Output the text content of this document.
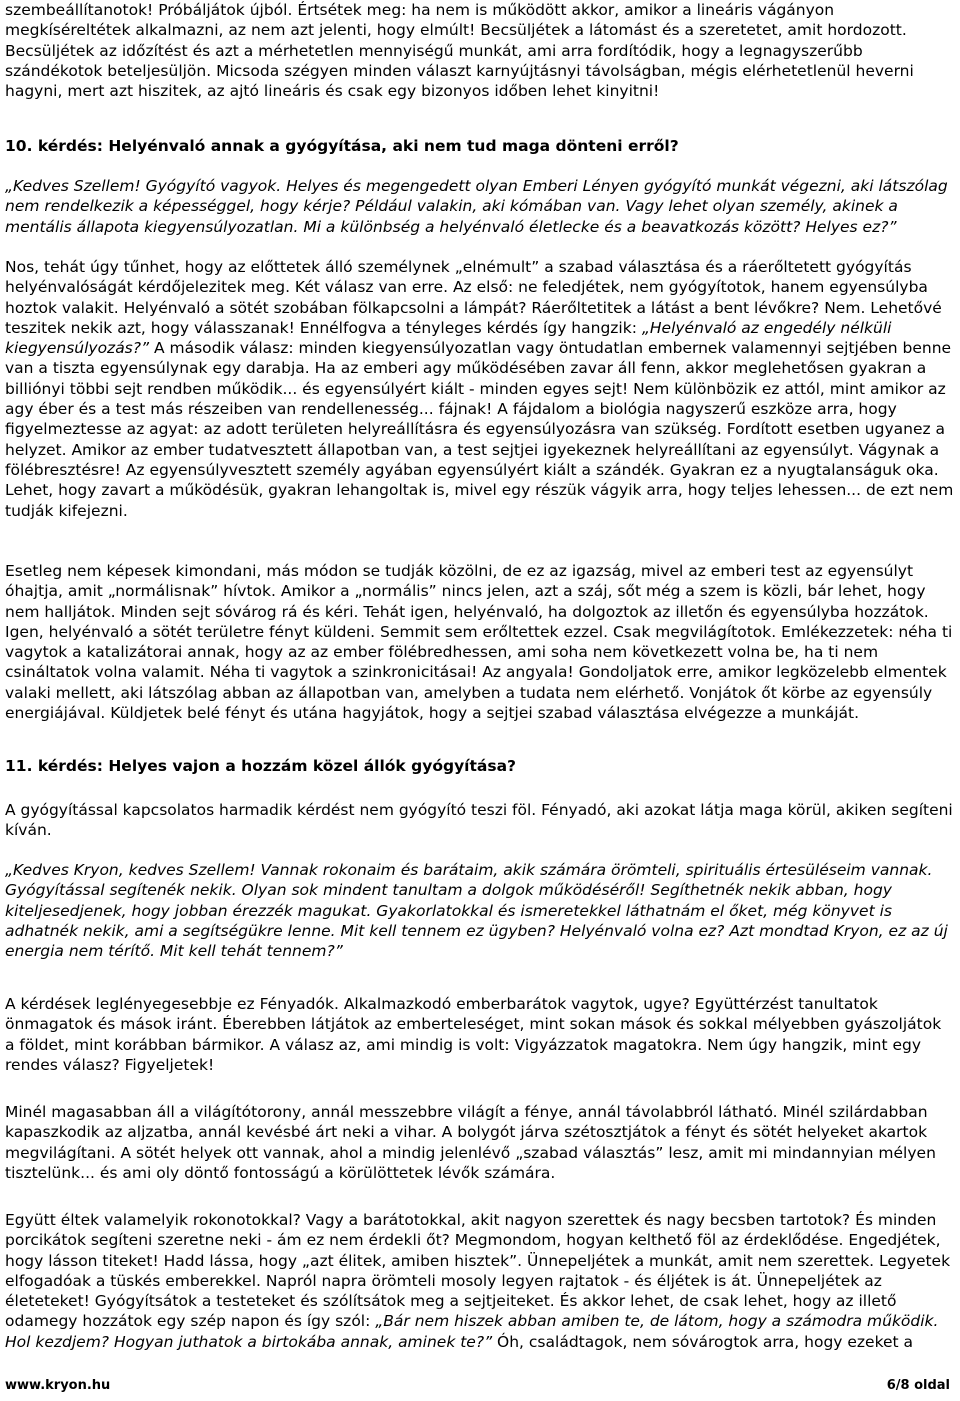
szembeállítanotok! Próbáljátok újból. Értsétek meg: ha nem is működött akkor, amikor a lineáris vágányon
megkíséreltétek alkalmazni, az nem azt jelenti, hogy elmúlt! Becsüljétek a látomást és a szeretetet, amit hordozott.
Becsüljétek az időzítést és azt a mérhetetlen mennyiségű munkát, ami arra fordítódik, hogy a legnagyszerűbb
szándékotok beteljesüljön. Micsoda szégyen minden választ karnyújtásnyi távolságban, mégis elérhetetlenül heverni
hagyni, mert azt hiszitek, az ajtó lineáris és csak egy bizonyos időben lehet kinyitni!

10. kérdés: Helyénvaló annak a gyógyítása, aki nem tud maga dönteni erről?

„Kedves Szellem! Gyógyító vagyok. Helyes és megengedett olyan Emberi Lényen gyógyító munkát végezni, aki látszólag
nem rendelkezik a képességgel, hogy kérje? Például valakin, aki kómában van. Vagy lehet olyan személy, akinek a
mentális állapota kiegyensúlyozatlan. Mi a különbség a helyénvaló életlecke és a beavatkozás között? Helyes ez?”

Nos, tehát úgy tűnhet, hogy az előttetek álló személynek „elnémult” a szabad választása és a ráerőltetett gyógyítás
helyénvalóságát kérdőjelezitek meg. Két válasz van erre. Az első: ne feledjétek, nem gyógyítotok, hanem egyensúlyba
hoztok valakit. Helyénvaló a sötét szobában fölkapcsolni a lámpát? Ráerőltetitek a látást a bent lévőkre? Nem. Lehetővé
teszitek nekik azt, hogy válasszanak! Ennélfogva a tényleges kérdés így hangzik: „Helyénvaló az engedély nélküli
kiegyensúlyozás?” A második válasz: minden kiegyensúlyozatlan vagy öntudatlan embernek valamennyi sejtjében benne
van a tiszta egyensúlynak egy darabja. Ha az emberi agy működésében zavar áll fenn, akkor meglehetősen gyakran a
billiónyi többi sejt rendben működik... és egyensúlyért kiált - minden egyes sejt! Nem különbözik ez attól, mint amikor az
agy éber és a test más részeiben van rendellenesség... fájnak! A fájdalom a biológia nagyszerű eszköze arra, hogy
figyelmeztesse az agyat: az adott területen helyreállításra és egyensúlyozásra van szükség. Fordított esetben ugyanez a
helyzet. Amikor az ember tudatvesztett állapotban van, a test sejtjei igyekeznek helyreállítani az egyensúlyt. Vágynak a
fölébresztésre! Az egyensúlyvesztett személy agyában egyensúlyért kiált a szándék. Gyakran ez a nyugtalanságuk oka.
Lehet, hogy zavart a működésük, gyakran lehangoltak is, mivel egy részük vágyik arra, hogy teljes lehessen... de ezt nem
tudják kifejezni.

Esetleg nem képesek kimondani, más módon se tudják közölni, de ez az igazság, mivel az emberi test az egyensúlyt
óhajtja, amit „normálisnak” hívtok. Amikor a „normális” nincs jelen, azt a száj, sőt még a szem is közli, bár lehet, hogy
nem halljátok. Minden sejt sóvárog rá és kéri. Tehát igen, helyénvaló, ha dolgoztok az illetőn és egyensúlyba hozzátok.
Igen, helyénvaló a sötét területre fényt küldeni. Semmit sem erőltettek ezzel. Csak megvilágítotok. Emlékezzetek: néha ti
vagytok a katalizátorai annak, hogy az az ember fölébredhessen, ami soha nem következett volna be, ha ti nem
csináltatok volna valamit. Néha ti vagytok a szinkronicitásai! Az angyala! Gondoljatok erre, amikor legközelebb elmentek
valaki mellett, aki látszólag abban az állapotban van, amelyben a tudata nem elérhető. Vonjátok őt körbe az egyensúly
energiájával. Küldjetek belé fényt és utána hagyjátok, hogy a sejtjei szabad választása elvégezze a munkáját.

11. kérdés: Helyes vajon a hozzám közel állók gyógyítása?

A gyógyítással kapcsolatos harmadik kérdést nem gyógyító teszi föl. Fényadó, aki azokat látja maga körül, akiken segíteni
kíván.

„Kedves Kryon, kedves Szellem! Vannak rokonaim és barátaim, akik számára örömteli, spirituális értesüléseim vannak.
Gyógyítással segítenék nekik. Olyan sok mindent tanultam a dolgok működéséről! Segíthetnék nekik abban, hogy
kiteljesedjenek, hogy jobban érezzék magukat. Gyakorlatokkal és ismeretekkel láthatnám el őket, még könyvet is
adhatnék nekik, ami a segítségükre lenne. Mit kell tennem ez ügyben? Helyénvaló volna ez? Azt mondtad Kryon, ez az új
energia nem térítő. Mit kell tehát tennem?”

A kérdések leglényegesebbje ez Fényadók. Alkalmazkodó emberbarátok vagytok, ugye? Együttérzést tanultatok
önmagatok és mások iránt. Éberebben látjátok az emberteleséget, mint sokan mások és sokkal mélyebben gyászoljátok
a földet, mint korábban bármikor. A válasz az, ami mindig is volt: Vigyázzatok magatokra. Nem úgy hangzik, mint egy
rendes válasz? Figyeljetek!

Minél magasabban áll a világítótorony, annál messzebbre világít a fénye, annál távolabbról látható. Minél szilárdabban
kapaszkodik az aljzatba, annál kevésbé árt neki a vihar. A bolygót járva szétosztjátok a fényt és sötét helyeket akartok
megvilágítani. A sötét helyek ott vannak, ahol a mindig jelenlévő „szabad választás” lesz, amit mi mindannyian mélyen
tisztelünk... és ami oly döntő fontosságú a körülöttetek lévők számára.

Együtt éltek valamelyik rokonotokkal? Vagy a barátotokkal, akit nagyon szerettek és nagy becsben tartotok? És minden
porcikátok segíteni szeretne neki - ám ez nem érdekli őt? Megmondom, hogyan kelthető föl az érdeklődése. Engedjétek,
hogy lásson titeket! Hadd lássa, hogy „azt élitek, amiben hisztek”. Ünnepeljétek a munkát, amit nem szerettek. Legyetek
elfogadóak a tüskés emberekkel. Napról napra örömteli mosoly legyen rajtatok - és éljétek is át. Ünnepeljétek az
életeteket! Gyógyítsátok a testeteket és szólítsátok meg a sejtjeiteket. És akkor lehet, de csak lehet, hogy az illető
odamegy hozzátok egy szép napon és így szól: „Bár nem hiszek abban amiben te, de látom, hogy a számodra működik.
Hol kezdjem? Hogyan juthatok a birtokába annak, aminek te?” Óh, családtagok, nem sóvárogtok arra, hogy ezeket a

www.kryon.hu	6/8 oldal
